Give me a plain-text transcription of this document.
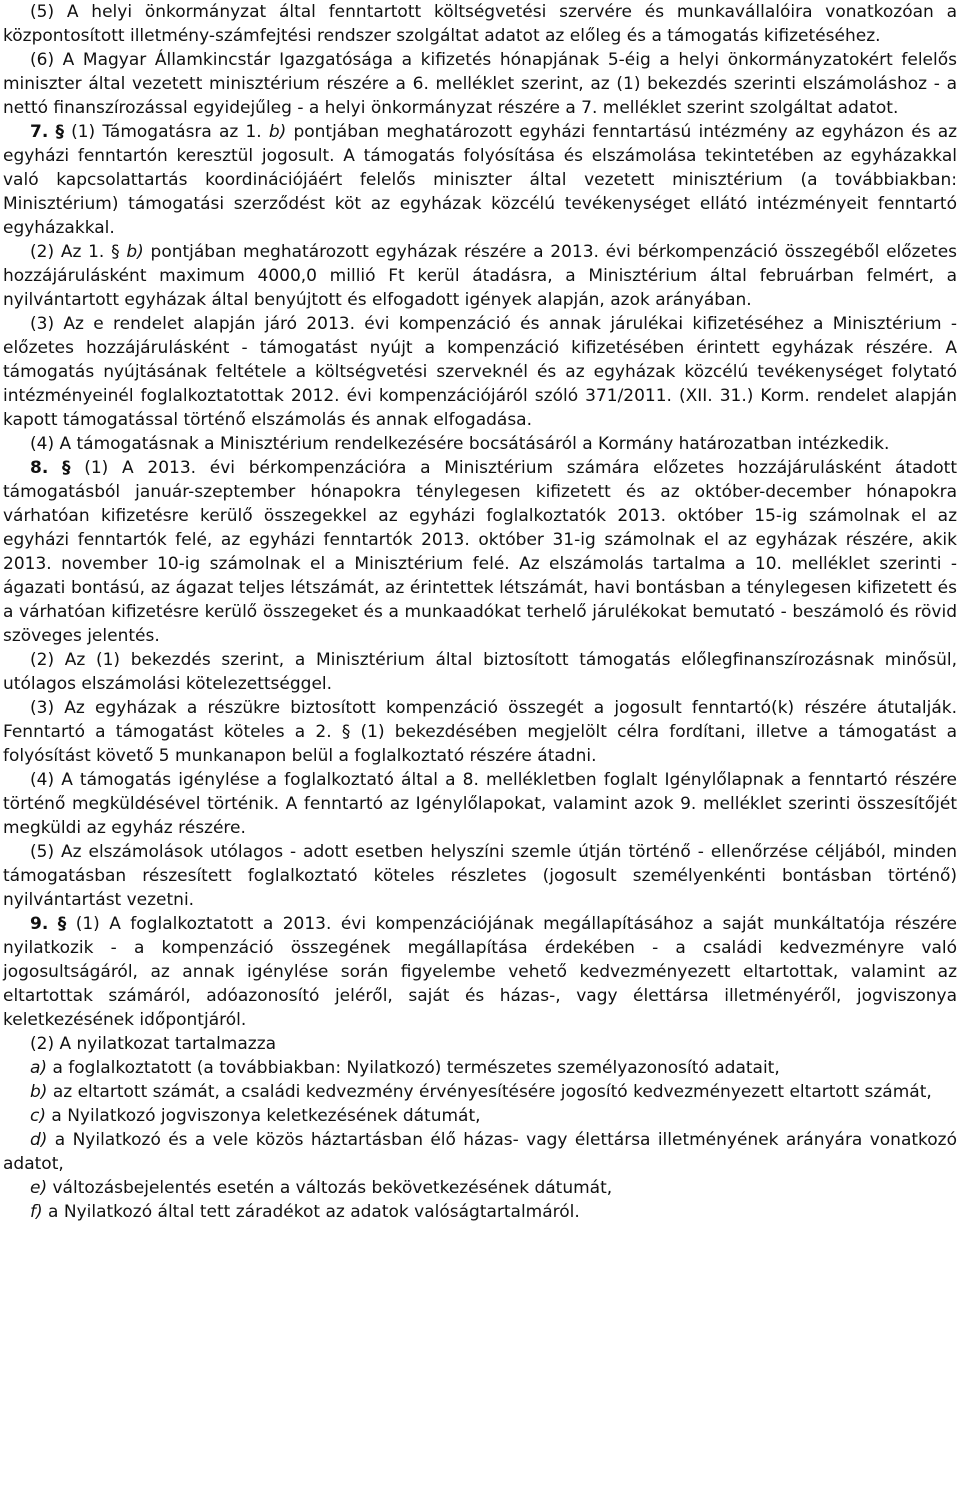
(5) A helyi önkormányzat által fenntartott költségvetési szervére és munkavállalóira vonatkozóan a központosított illetmény-számfejtési rendszer szolgáltat adatot az előleg és a támogatás kifizetéséhez.

(6) A Magyar Államkincstár Igazgatósága a kifizetés hónapjának 5-éig a helyi önkormányzatokért felelős miniszter által vezetett minisztérium részére a 6. melléklet szerint, az (1) bekezdés szerinti elszámoláshoz - a nettó finanszírozással egyidejűleg - a helyi önkormányzat részére a 7. melléklet szerint szolgáltat adatot.

7. § (1) Támogatásra az 1. b) pontjában meghatározott egyházi fenntartású intézmény az egyházon és az egyházi fenntartón keresztül jogosult. A támogatás folyósítása és elszámolása tekintetében az egyházakkal való kapcsolattartás koordinációjáért felelős miniszter által vezetett minisztérium (a továbbiakban: Minisztérium) támogatási szerződést köt az egyházak közcélú tevékenységet ellátó intézményeit fenntartó egyházakkal.

(2) Az 1. § b) pontjában meghatározott egyházak részére a 2013. évi bérkompenzáció összegéből előzetes hozzájárulásként maximum 4000,0 millió Ft kerül átadásra, a Minisztérium által februárban felmért, a nyilvántartott egyházak által benyújtott és elfogadott igények alapján, azok arányában.

(3) Az e rendelet alapján járó 2013. évi kompenzáció és annak járulékai kifizetéséhez a Minisztérium - előzetes hozzájárulásként - támogatást nyújt a kompenzáció kifizetésében érintett egyházak részére. A támogatás nyújtásának feltétele a költségvetési szerveknél és az egyházak közcélú tevékenységet folytató intézményeinél foglalkoztatottak 2012. évi kompenzációjáról szóló 371/2011. (XII. 31.) Korm. rendelet alapján kapott támogatással történő elszámolás és annak elfogadása.

(4) A támogatásnak a Minisztérium rendelkezésére bocsátásáról a Kormány határozatban intézkedik.

8. § (1) A 2013. évi bérkompenzációra a Minisztérium számára előzetes hozzájárulásként átadott támogatásból január-szeptember hónapokra ténylegesen kifizetett és az október-december hónapokra várhatóan kifizetésre kerülő összegekkel az egyházi foglalkoztatók 2013. október 15-ig számolnak el az egyházi fenntartók felé, az egyházi fenntartók 2013. október 31-ig számolnak el az egyházak részére, akik 2013. november 10-ig számolnak el a Minisztérium felé. Az elszámolás tartalma a 10. melléklet szerinti - ágazati bontású, az ágazat teljes létszámát, az érintettek létszámát, havi bontásban a ténylegesen kifizetett és a várhatóan kifizetésre kerülő összegeket és a munkaadókat terhelő járulékokat bemutató - beszámoló és rövid szöveges jelentés.

(2) Az (1) bekezdés szerint, a Minisztérium által biztosított támogatás előlegfinanszírozásnak minősül, utólagos elszámolási kötelezettséggel.

(3) Az egyházak a részükre biztosított kompenzáció összegét a jogosult fenntartó(k) részére átutalják. Fenntartó a támogatást köteles a 2. § (1) bekezdésében megjelölt célra fordítani, illetve a támogatást a folyósítást követő 5 munkanapon belül a foglalkoztató részére átadni.

(4) A támogatás igénylése a foglalkoztató által a 8. mellékletben foglalt Igénylőlapnak a fenntartó részére történő megküldésével történik. A fenntartó az Igénylőlapokat, valamint azok 9. melléklet szerinti összesítőjét megküldi az egyház részére.

(5) Az elszámolások utólagos - adott esetben helyszíni szemle útján történő - ellenőrzése céljából, minden támogatásban részesített foglalkoztató köteles részletes (jogosult személyenkénti bontásban történő) nyilvántartást vezetni.

9. § (1) A foglalkoztatott a 2013. évi kompenzációjának megállapításához a saját munkáltatója részére nyilatkozik - a kompenzáció összegének megállapítása érdekében - a családi kedvezményre való jogosultságáról, az annak igénylése során figyelembe vehető kedvezményezett eltartottak, valamint az eltartottak számáról, adóazonosító jeléről, saját és házas-, vagy élettársa illetményéről, jogviszonya keletkezésének időpontjáról.

(2) A nyilatkozat tartalmazza

a) a foglalkoztatott (a továbbiakban: Nyilatkozó) természetes személyazonosító adatait,

b) az eltartott számát, a családi kedvezmény érvényesítésére jogosító kedvezményezett eltartott számát,

c) a Nyilatkozó jogviszonya keletkezésének dátumát,

d) a Nyilatkozó és a vele közös háztartásban élő házas- vagy élettársa illetményének arányára vonatkozó adatot,

e) változásbejelentés esetén a változás bekövetkezésének dátumát,

f) a Nyilatkozó által tett záradékot az adatok valóságtartalmáról.
